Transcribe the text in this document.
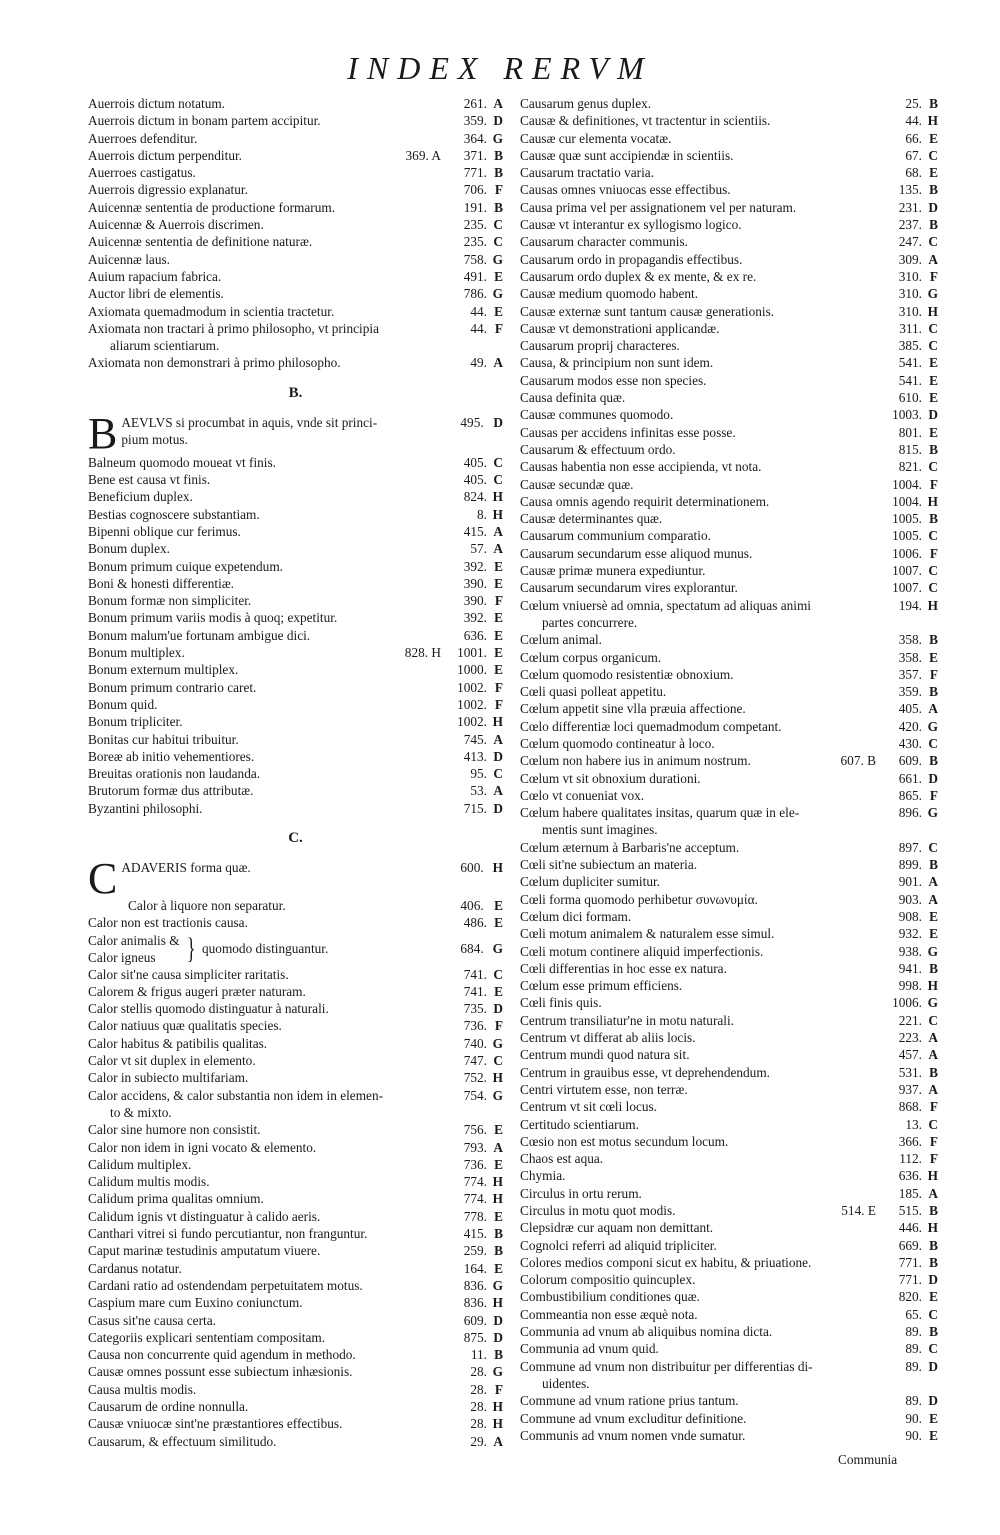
INDEX RERVM
Auerrois dictum notatum.	261. A
Auerrois dictum in bonam partem accipitur.	359. D
Auerroes defenditur.	364. G
Auerrois dictum perpenditur.	369. A 371. B
Auerroes castigatus.	771. B
Auerrois digressio explanatur.	706. F
Auicennæ sententia de productione formarum.	191. B
Auicennæ & Auerrois discrimen.	235. C
Auicennæ sententia de definitione naturæ.	235. C
Auicennæ laus.	758. G
Auium rapacium fabrica.	491. E
Auctor libri de elementis.	786. G
Axiomata quemadmodum in scientia tractetur.	44. E
Axiomata non tractari à primo philosopho, vt principia
aliarum scientiarum.
44. F
Axiomata non demonstrari à primo philosopho.	49. A
B.
B AEVLVS si procumbat in aquis, vnde sit princi-
pium motus.
495. D
Balneum quomodo moueat vt finis.	405. C
Bene est causa vt finis.	405. C
Beneficium duplex.	824. H
Bestias cognoscere substantiam.	8. H
Bipenni oblique cur ferimus.	415. A
Bonum duplex.	57. A
Bonum primum cuique expetendum.	392. E
Boni & honesti differentiæ.	390. E
Bonum formæ non simpliciter.	390. F
Bonum primum variis modis à quoq; expetitur.	392. E
Bonum malum'ue fortunam ambigue dici.	636. E
Bonum multiplex.	828. H 1001. E
Bonum externum multiplex.	1000. E
Bonum primum contrario caret.	1002. F
Bonum quid.	1002. F
Bonum tripliciter.	1002. H
Bonitas cur habitui tribuitur.	745. A
Boreæ ab initio vehementiores.	413. D
Breuitas orationis non laudanda.	95. C
Brutorum formæ dus attributæ.	53. A
Byzantini philosophi.	715. D
C.
C ADAVERIS forma quæ.	600. H
Calor à liquore non separatur.	406. E
Calor non est tractionis causa.	486. E
Calor animalis &
Calor igneus	} quomodo distinguantur.	684. G
Calor sit'ne causa simpliciter raritatis.	741. C
Calorem & frigus augeri præter naturam.	741. E
Calor stellis quomodo distinguatur à naturali.	735. D
Calor natiuus quæ qualitatis species.	736. F
Calor habitus & patibilis qualitas.	740. G
Calor vt sit duplex in elemento.	747. C
Calor in subiecto multifariam.	752. H
Calor accidens, & calor substantia non idem in elemen-
to & mixto.
754. G
Calor sine humore non consistit.	756. E
Calor non idem in igni vocato & elemento.	793. A
Calidum multiplex.	736. E
Calidum multis modis.	774. H
Calidum prima qualitas omnium.	774. H
Calidum ignis vt distinguatur à calido aeris.	778. E
Canthari vitrei si fundo percutiantur, non franguntur.	415. B
Caput marinæ testudinis amputatum viuere.	259. B
Cardanus notatur.	164. E
Cardani ratio ad ostendendam perpetuitatem motus.	836. G
Caspium mare cum Euxino coniunctum.	836. H
Casus sit'ne causa certa.	609. D
Categoriis explicari sententiam compositam.	875. D
Causa non concurrente quid agendum in methodo.	11. B
Causæ omnes possunt esse subiectum inhæsionis.	28. G
Causa multis modis.	28. F
Causarum de ordine nonnulla.	28. H
Causæ vniuocæ sint'ne præstantiores effectibus.	28. H
Causarum, & effectuum similitudo.	29. A
Causarum genus duplex.	25. B
Causæ & definitiones, vt tractentur in scientiis.	44. H
Causæ cur elementa vocatæ.	66. E
Causæ quæ sunt accipiendæ in scientiis.	67. C
Causarum tractatio varia.	68. E
Causas omnes vniuocas esse effectibus.	135. B
Causa prima vel per assignationem vel per naturam.	231. D
Causæ vt interantur ex syllogismo logico.	237. B
Causarum character communis.	247. C
Causarum ordo in propagandis effectibus.	309. A
Causarum ordo duplex & ex mente, & ex re.	310. F
Causæ medium quomodo habent.	310. G
Causæ externæ sunt tantum causæ generationis.	310. H
Causæ vt demonstrationi applicandæ.	311. C
Causarum proprij characteres.	385. C
Causa, & principium non sunt idem.	541. E
Causarum modos esse non species.	541. E
Causa definita quæ.	610. E
Causæ communes quomodo.	1003. D
Causas per accidens infinitas esse posse.	801. E
Causarum & effectuum ordo.	815. B
Causas habentia non esse accipienda, vt nota.	821. C
Causæ secundæ quæ.	1004. F
Causa omnis agendo requirit determinationem.	1004. H
Causæ determinantes quæ.	1005. B
Causarum communium comparatio.	1005. C
Causarum secundarum esse aliquod munus.	1006. F
Causæ primæ munera expediuntur.	1007. C
Causarum secundarum vires explorantur.	1007. C
Cœlum vniuersè ad omnia, spectatum ad aliquas animi
partes concurrere.
194. H
Cœlum animal.	358. B
Cœlum corpus organicum.	358. E
Cœlum quomodo resistentiæ obnoxium.	357. F
Cœli quasi polleat appetitu.	359. B
Cœlum appetit sine vlla præuia affectione.	405. A
Cœlo differentiæ loci quemadmodum competant.	420. G
Cœlum quomodo contineatur à loco.	430. C
Cœlum non habere ius in animum nostrum.	607. B 609. B
Cœlum vt sit obnoxium durationi.	661. D
Cœlo vt conueniat vox.	865. F
Cœlum habere qualitates insitas, quarum quæ in ele-
mentis sunt imagines.
896. G
Cœlum æternum à Barbaris'ne acceptum.	897. C
Cœli sit'ne subiectum an materia.	899. B
Cœlum dupliciter sumitur.	901. A
Cœli forma quomodo perhibetur συνωνυμία.	903. A
Cœlum dici formam.	908. E
Cœli motum animalem & naturalem esse simul.	932. E
Cœli motum continere aliquid imperfectionis.	938. G
Cœli differentias in hoc esse ex natura.	941. B
Cœlum esse primum efficiens.	998. H
Cœli finis quis.	1006. G
Centrum transiliatur'ne in motu naturali.	221. C
Centrum vt differat ab aliis locis.	223. A
Centrum mundi quod natura sit.	457. A
Centrum in grauibus esse, vt deprehendendum.	531. B
Centri virtutem esse, non terræ.	937. A
Centrum vt sit cœli locus.	868. F
Certitudo scientiarum.	13. C
Cœsio non est motus secundum locum.	366. F
Chaos est aqua.	112. F
Chymia.	636. H
Circulus in ortu rerum.	185. A
Circulus in motu quot modis.	514. E 515. B
Clepsidræ cur aquam non demittant.	446. H
Cognolci referri ad aliquid tripliciter.	669. B
Colores medios componi sicut ex habitu, & priuatione.	771. B
Colorum compositio quincuplex.	771. D
Combustibilium conditiones quæ.	820. E
Commeantia non esse æquè nota.	65. C
Communia ad vnum ab aliquibus nomina dicta.	89. B
Communia ad vnum quid.	89. C
Commune ad vnum non distribuitur per differentias di-
uidentes.
89. D
Commune ad vnum ratione prius tantum.	89. D
Commune ad vnum excluditur definitione.	90. E
Communis ad vnum nomen vnde sumatur.	90. E
Communia
